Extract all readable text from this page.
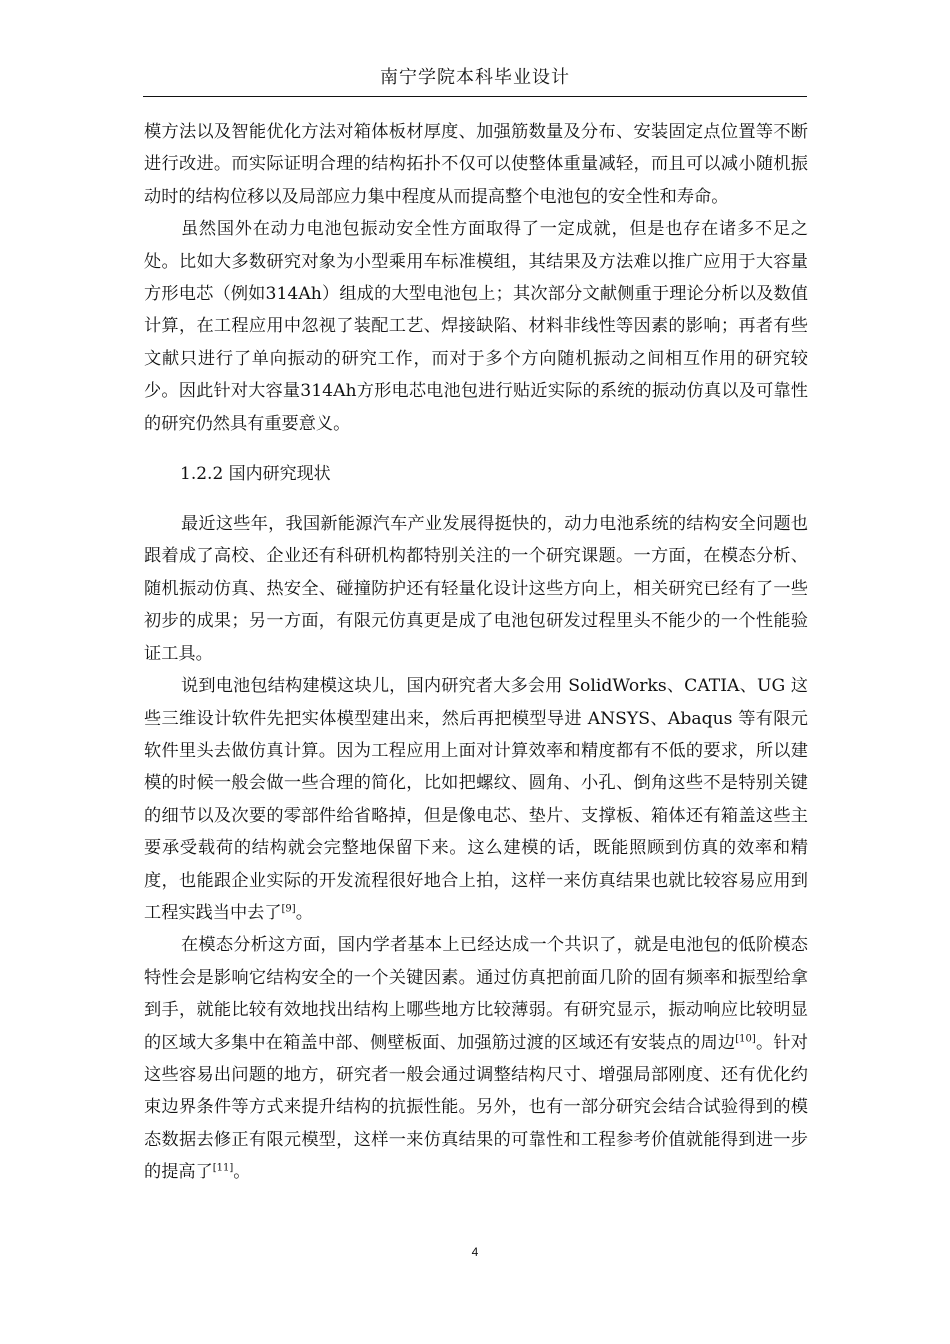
南宁学院本科毕业设计

模方法以及智能优化方法对箱体板材厚度、加强筋数量及分布、安装固定点位置等不断进行改进。而实际证明合理的结构拓扑不仅可以使整体重量减轻，而且可以减小随机振动时的结构位移以及局部应力集中程度从而提高整个电池包的安全性和寿命。

虽然国外在动力电池包振动安全性方面取得了一定成就，但是也存在诸多不足之处。比如大多数研究对象为小型乘用车标准模组，其结果及方法难以推广应用于大容量方形电芯（例如314Ah）组成的大型电池包上；其次部分文献侧重于理论分析以及数值计算，在工程应用中忽视了装配工艺、焊接缺陷、材料非线性等因素的影响；再者有些文献只进行了单向振动的研究工作，而对于多个方向随机振动之间相互作用的研究较少。因此针对大容量314Ah方形电芯电池包进行贴近实际的系统的振动仿真以及可靠性的研究仍然具有重要意义。

1.2.2 国内研究现状

最近这些年，我国新能源汽车产业发展得挺快的，动力电池系统的结构安全问题也跟着成了高校、企业还有科研机构都特别关注的一个研究课题。一方面，在模态分析、随机振动仿真、热安全、碰撞防护还有轻量化设计这些方向上，相关研究已经有了一些初步的成果；另一方面，有限元仿真更是成了电池包研发过程里头不能少的一个性能验证工具。

说到电池包结构建模这块儿，国内研究者大多会用 SolidWorks、CATIA、UG 这些三维设计软件先把实体模型建出来，然后再把模型导进 ANSYS、Abaqus 等有限元软件里头去做仿真计算。因为工程应用上面对计算效率和精度都有不低的要求，所以建模的时候一般会做一些合理的简化，比如把螺纹、圆角、小孔、倒角这些不是特别关键的细节以及次要的零部件给省略掉，但是像电芯、垫片、支撑板、箱体还有箱盖这些主要承受载荷的结构就会完整地保留下来。这么建模的话，既能照顾到仿真的效率和精度，也能跟企业实际的开发流程很好地合上拍，这样一来仿真结果也就比较容易应用到工程实践当中去了[9]。

在模态分析这方面，国内学者基本上已经达成一个共识了，就是电池包的低阶模态特性会是影响它结构安全的一个关键因素。通过仿真把前面几阶的固有频率和振型给拿到手，就能比较有效地找出结构上哪些地方比较薄弱。有研究显示，振动响应比较明显的区域大多集中在箱盖中部、侧壁板面、加强筋过渡的区域还有安装点的周边[10]。针对这些容易出问题的地方，研究者一般会通过调整结构尺寸、增强局部刚度、还有优化约束边界条件等方式来提升结构的抗振性能。另外，也有一部分研究会结合试验得到的模态数据去修正有限元模型，这样一来仿真结果的可靠性和工程参考价值就能得到进一步的提高了[11]。

4
